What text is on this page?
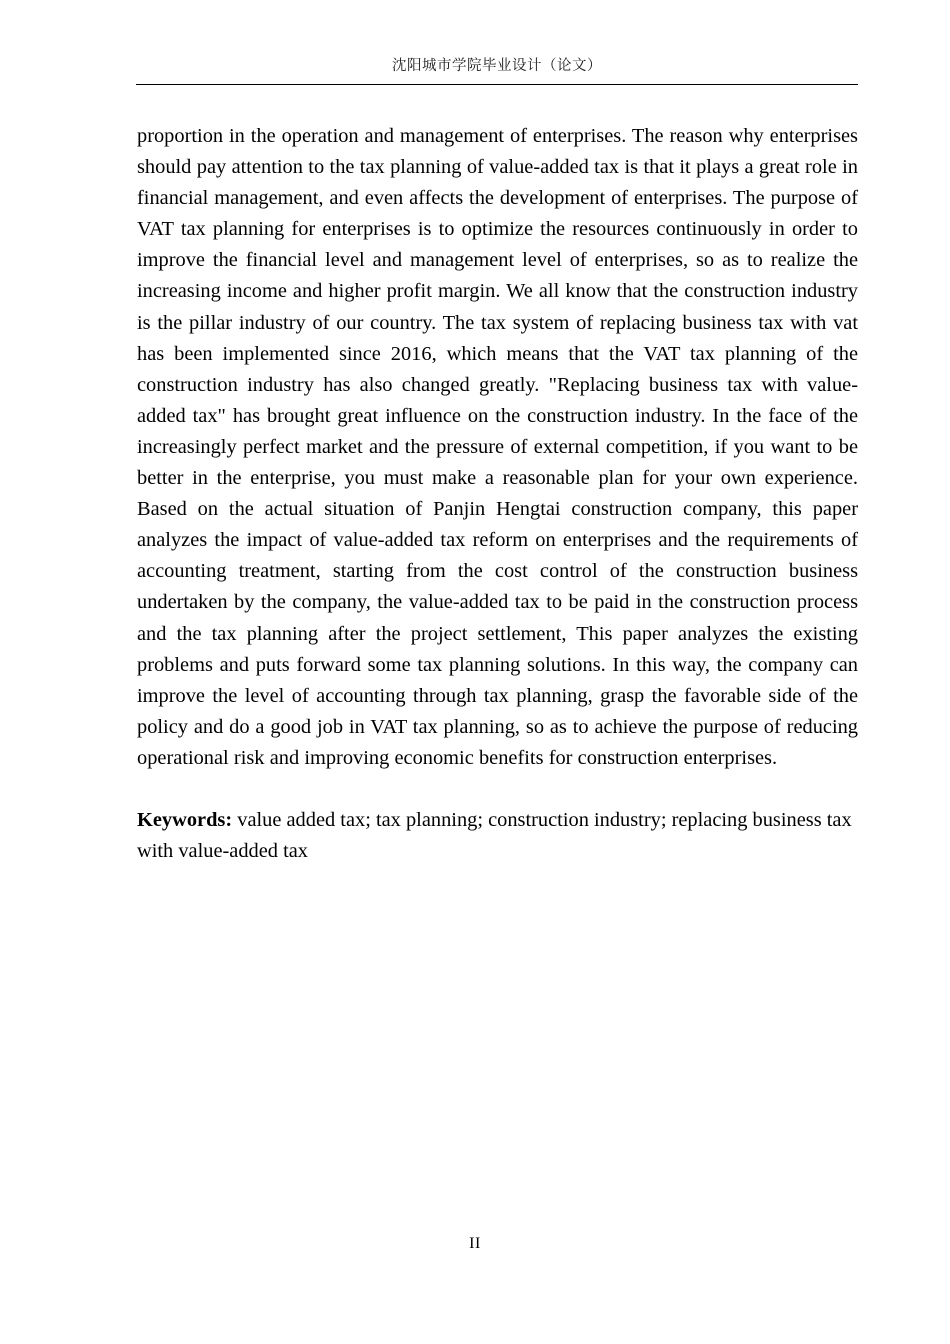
沈阳城市学院毕业设计（论文）

proportion in the operation and management of enterprises. The reason why enterprises should pay attention to the tax planning of value-added tax is that it plays a great role in financial management, and even affects the development of enterprises. The purpose of VAT tax planning for enterprises is to optimize the resources continuously in order to improve the financial level and management level of enterprises, so as to realize the increasing income and higher profit margin. We all know that the construction industry is the pillar industry of our country. The tax system of replacing business tax with vat has been implemented since 2016, which means that the VAT tax planning of the construction industry has also changed greatly. "Replacing business tax with value-added tax" has brought great influence on the construction industry. In the face of the increasingly perfect market and the pressure of external competition, if you want to be better in the enterprise, you must make a reasonable plan for your own experience. Based on the actual situation of Panjin Hengtai construction company, this paper analyzes the impact of value-added tax reform on enterprises and the requirements of accounting treatment, starting from the cost control of the construction business undertaken by the company, the value-added tax to be paid in the construction process and the tax planning after the project settlement, This paper analyzes the existing problems and puts forward some tax planning solutions. In this way, the company can improve the level of accounting through tax planning, grasp the favorable side of the policy and do a good job in VAT tax planning, so as to achieve the purpose of reducing operational risk and improving economic benefits for construction enterprises.

Keywords: value added tax; tax planning; construction industry; replacing business tax with value-added tax

II
